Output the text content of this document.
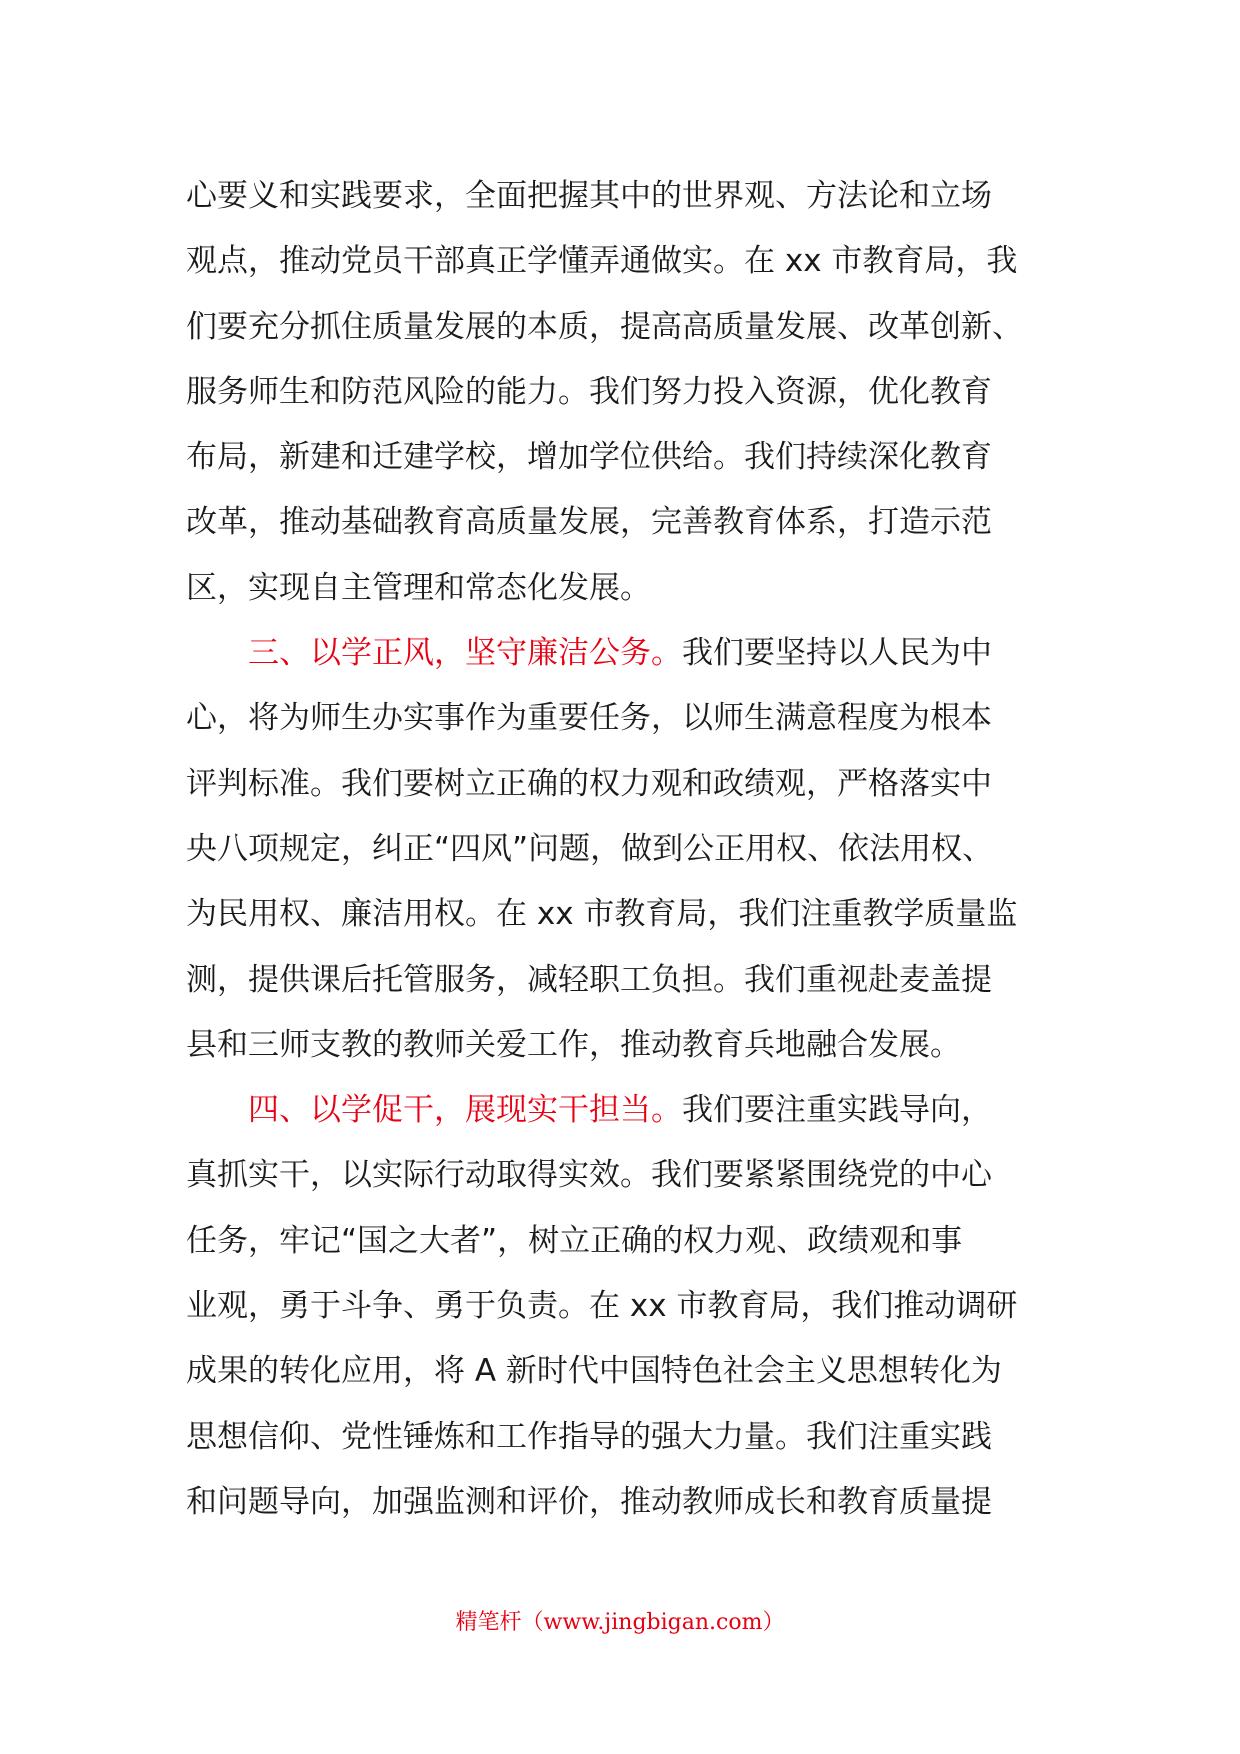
心要义和实践要求，全面把握其中的世界观、方法论和立场
观点，推动党员干部真正学懂弄通做实。在 xx 市教育局，我
们要充分抓住质量发展的本质，提高高质量发展、改革创新、
服务师生和防范风险的能力。我们努力投入资源，优化教育
布局，新建和迁建学校，增加学位供给。我们持续深化教育
改革，推动基础教育高质量发展，完善教育体系，打造示范
区，实现自主管理和常态化发展。
三、以学正风，坚守廉洁公务。我们要坚持以人民为中
心，将为师生办实事作为重要任务，以师生满意程度为根本
评判标准。我们要树立正确的权力观和政绩观，严格落实中
央八项规定，纠正“四风”问题，做到公正用权、依法用权、
为民用权、廉洁用权。在 xx 市教育局，我们注重教学质量监
测，提供课后托管服务，减轻职工负担。我们重视赴麦盖提
县和三师支教的教师关爱工作，推动教育兵地融合发展。
四、以学促干，展现实干担当。我们要注重实践导向，
真抓实干，以实际行动取得实效。我们要紧紧围绕党的中心
任务，牢记“国之大者”，树立正确的权力观、政绩观和事
业观，勇于斗争、勇于负责。在 xx 市教育局，我们推动调研
成果的转化应用，将 A 新时代中国特色社会主义思想转化为
思想信仰、党性锤炼和工作指导的强大力量。我们注重实践
和问题导向，加强监测和评价，推动教师成长和教育质量提
精笔杆（www.jingbigan.com）
